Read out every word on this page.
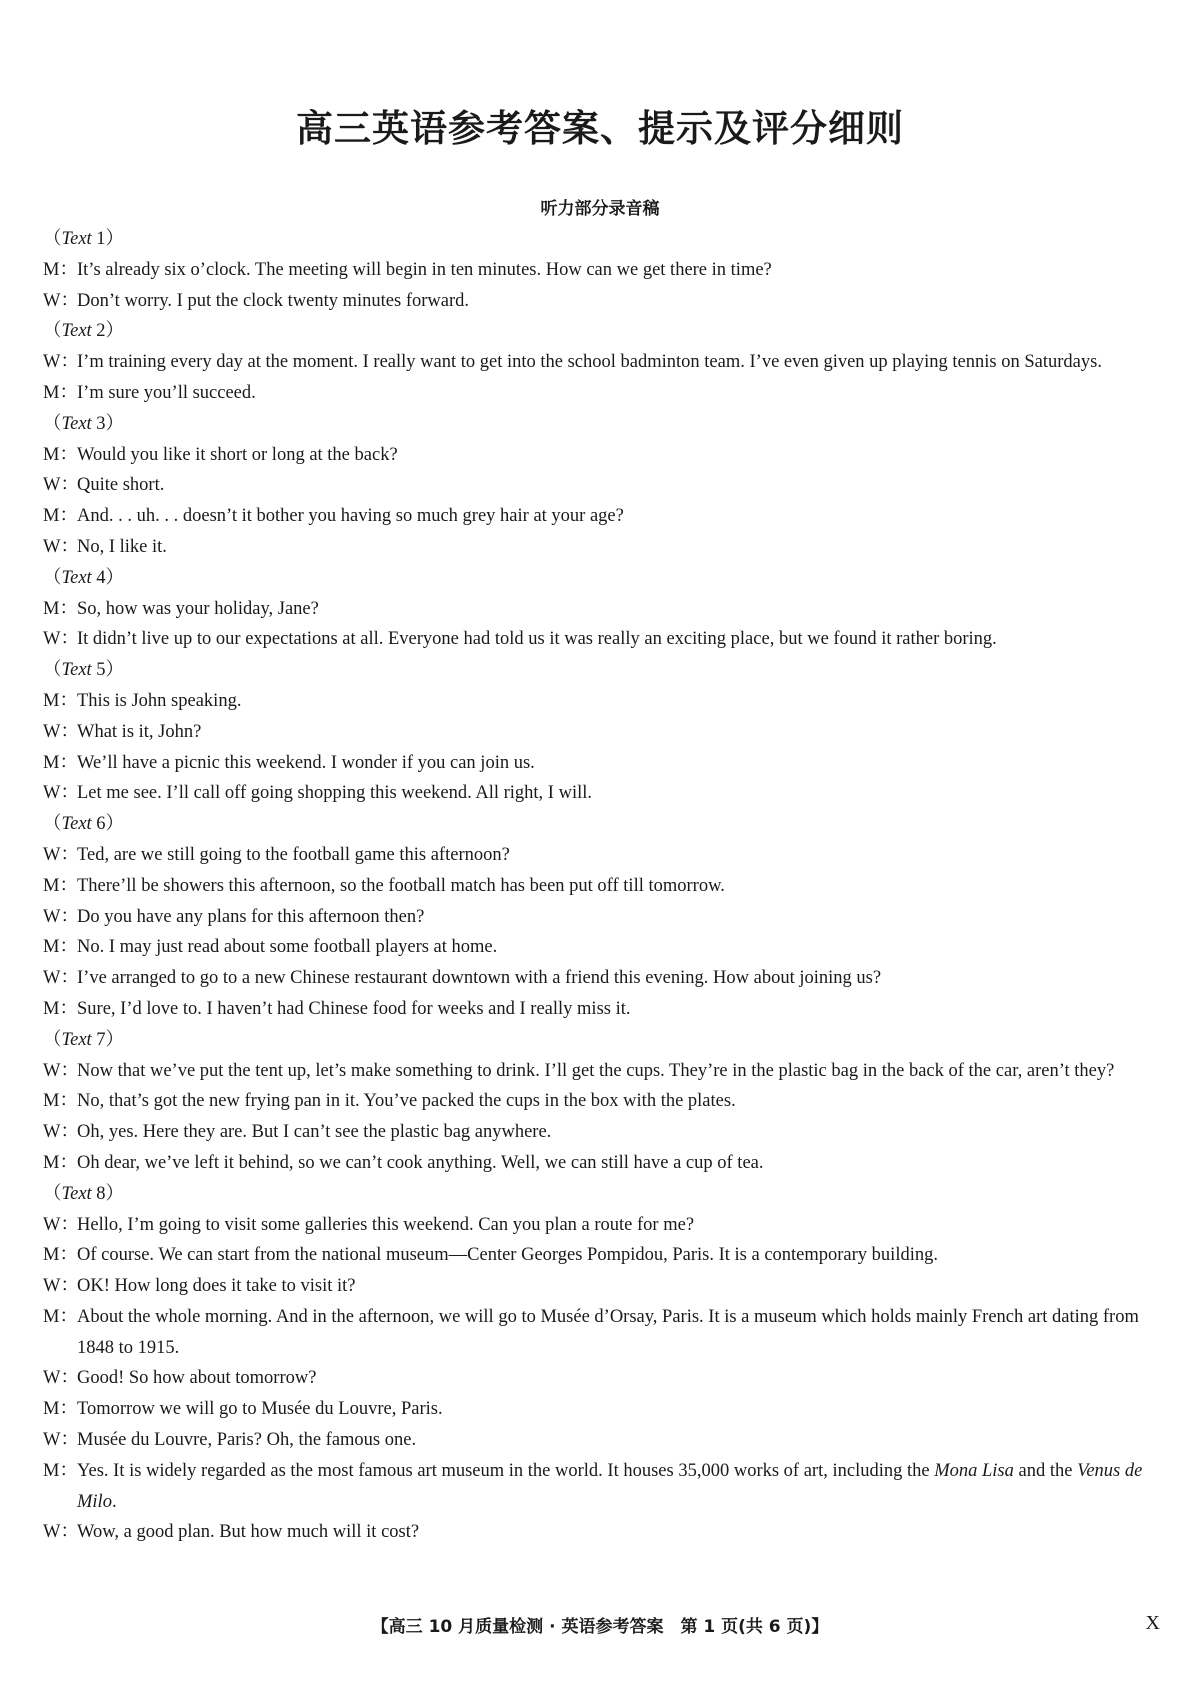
高三英语参考答案、提示及评分细则
听力部分录音稿
（Text 1）
M： It’s already six o’clock. The meeting will begin in ten minutes. How can we get there in time?
W：
Don’t worry. I put the clock twenty minutes forward.
（Text 2）
W：
I’m training every day at the moment. I really want to get into the school badminton team. I’ve even given up playing tennis on Saturdays.
M： I’m sure you’ll succeed.
（Text 3）
M： Would you like it short or long at the back?
W：
Quite short.
M： And. . . uh. . . doesn’t it bother you having so much grey hair at your age?
W：
No, I like it.
（Text 4）
M： So, how was your holiday, Jane?
W：
It didn’t live up to our expectations at all. Everyone had told us it was really an exciting place, but we found it rather boring.
（Text 5）
M： This is John speaking.
W：
What is it, John?
M： We’ll have a picnic this weekend. I wonder if you can join us.
W：
Let me see. I’ll call off going shopping this weekend. All right, I will.
（Text 6）
W：
Ted, are we still going to the football game this afternoon?
M： There’ll be showers this afternoon, so the football match has been put off till tomorrow.
W：
Do you have any plans for this afternoon then?
M： No. I may just read about some football players at home.
W：
I’ve arranged to go to a new Chinese restaurant downtown with a friend this evening. How about joining us?
M： Sure, I’d love to. I haven’t had Chinese food for weeks and I really miss it.
（Text 7）
W：
Now that we’ve put the tent up, let’s make something to drink. I’ll get the cups. They’re in the plastic bag in the back of the car, aren’t they?
M： No, that’s got the new frying pan in it. You’ve packed the cups in the box with the plates.
W：
Oh, yes. Here they are. But I can’t see the plastic bag anywhere.
M： Oh dear, we’ve left it behind, so we can’t cook anything. Well, we can still have a cup of tea.
（Text 8）
W：
Hello, I’m going to visit some galleries this weekend. Can you plan a route for me?
M： Of course. We can start from the national museum—Center Georges Pompidou, Paris. It is a contemporary building.
W：
OK! How long does it take to visit it?
M： About the whole morning. And in the afternoon, we will go to Musée d’Orsay, Paris. It is a museum which holds mainly French art dating from 1848 to 1915.
W：
Good! So how about tomorrow?
M： Tomorrow we will go to Musée du Louvre, Paris.
W：
Musée du Louvre, Paris? Oh, the famous one.
M： Yes. It is widely regarded as the most famous art museum in the world. It houses 35,000 works of art, including the Mona Lisa and the Venus de Milo.
W：
Wow, a good plan. But how much will it cost?
【高三 10 月质量检测 · 英语参考答案　第 1 页(共 6 页)】	X
